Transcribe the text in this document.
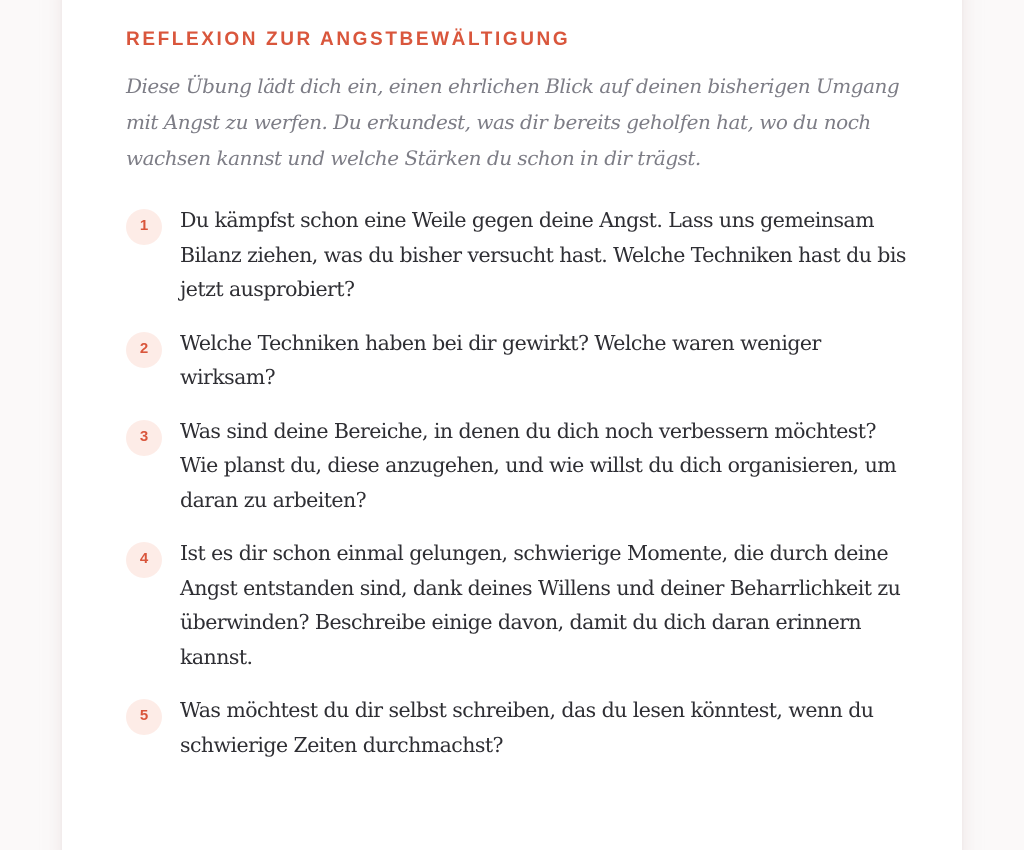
REFLEXION ZUR ANGSTBEWÄLTIGUNG

Diese Übung lädt dich ein, einen ehrlichen Blick auf deinen bisherigen Umgang mit Angst zu werfen. Du erkundest, was dir bereits geholfen hat, wo du noch wachsen kannst und welche Stärken du schon in dir trägst.

1	Du kämpfst schon eine Weile gegen deine Angst. Lass uns gemeinsam Bilanz ziehen, was du bisher versucht hast. Welche Techniken hast du bis jetzt ausprobiert?
2	Welche Techniken haben bei dir gewirkt? Welche waren weniger wirksam?
3	Was sind deine Bereiche, in denen du dich noch verbessern möchtest? Wie planst du, diese anzugehen, und wie willst du dich organisieren, um daran zu arbeiten?
4	Ist es dir schon einmal gelungen, schwierige Momente, die durch deine Angst entstanden sind, dank deines Willens und deiner Beharrlichkeit zu überwinden? Beschreibe einige davon, damit du dich daran erinnern kannst.
5	Was möchtest du dir selbst schreiben, das du lesen könntest, wenn du schwierige Zeiten durchmachst?
